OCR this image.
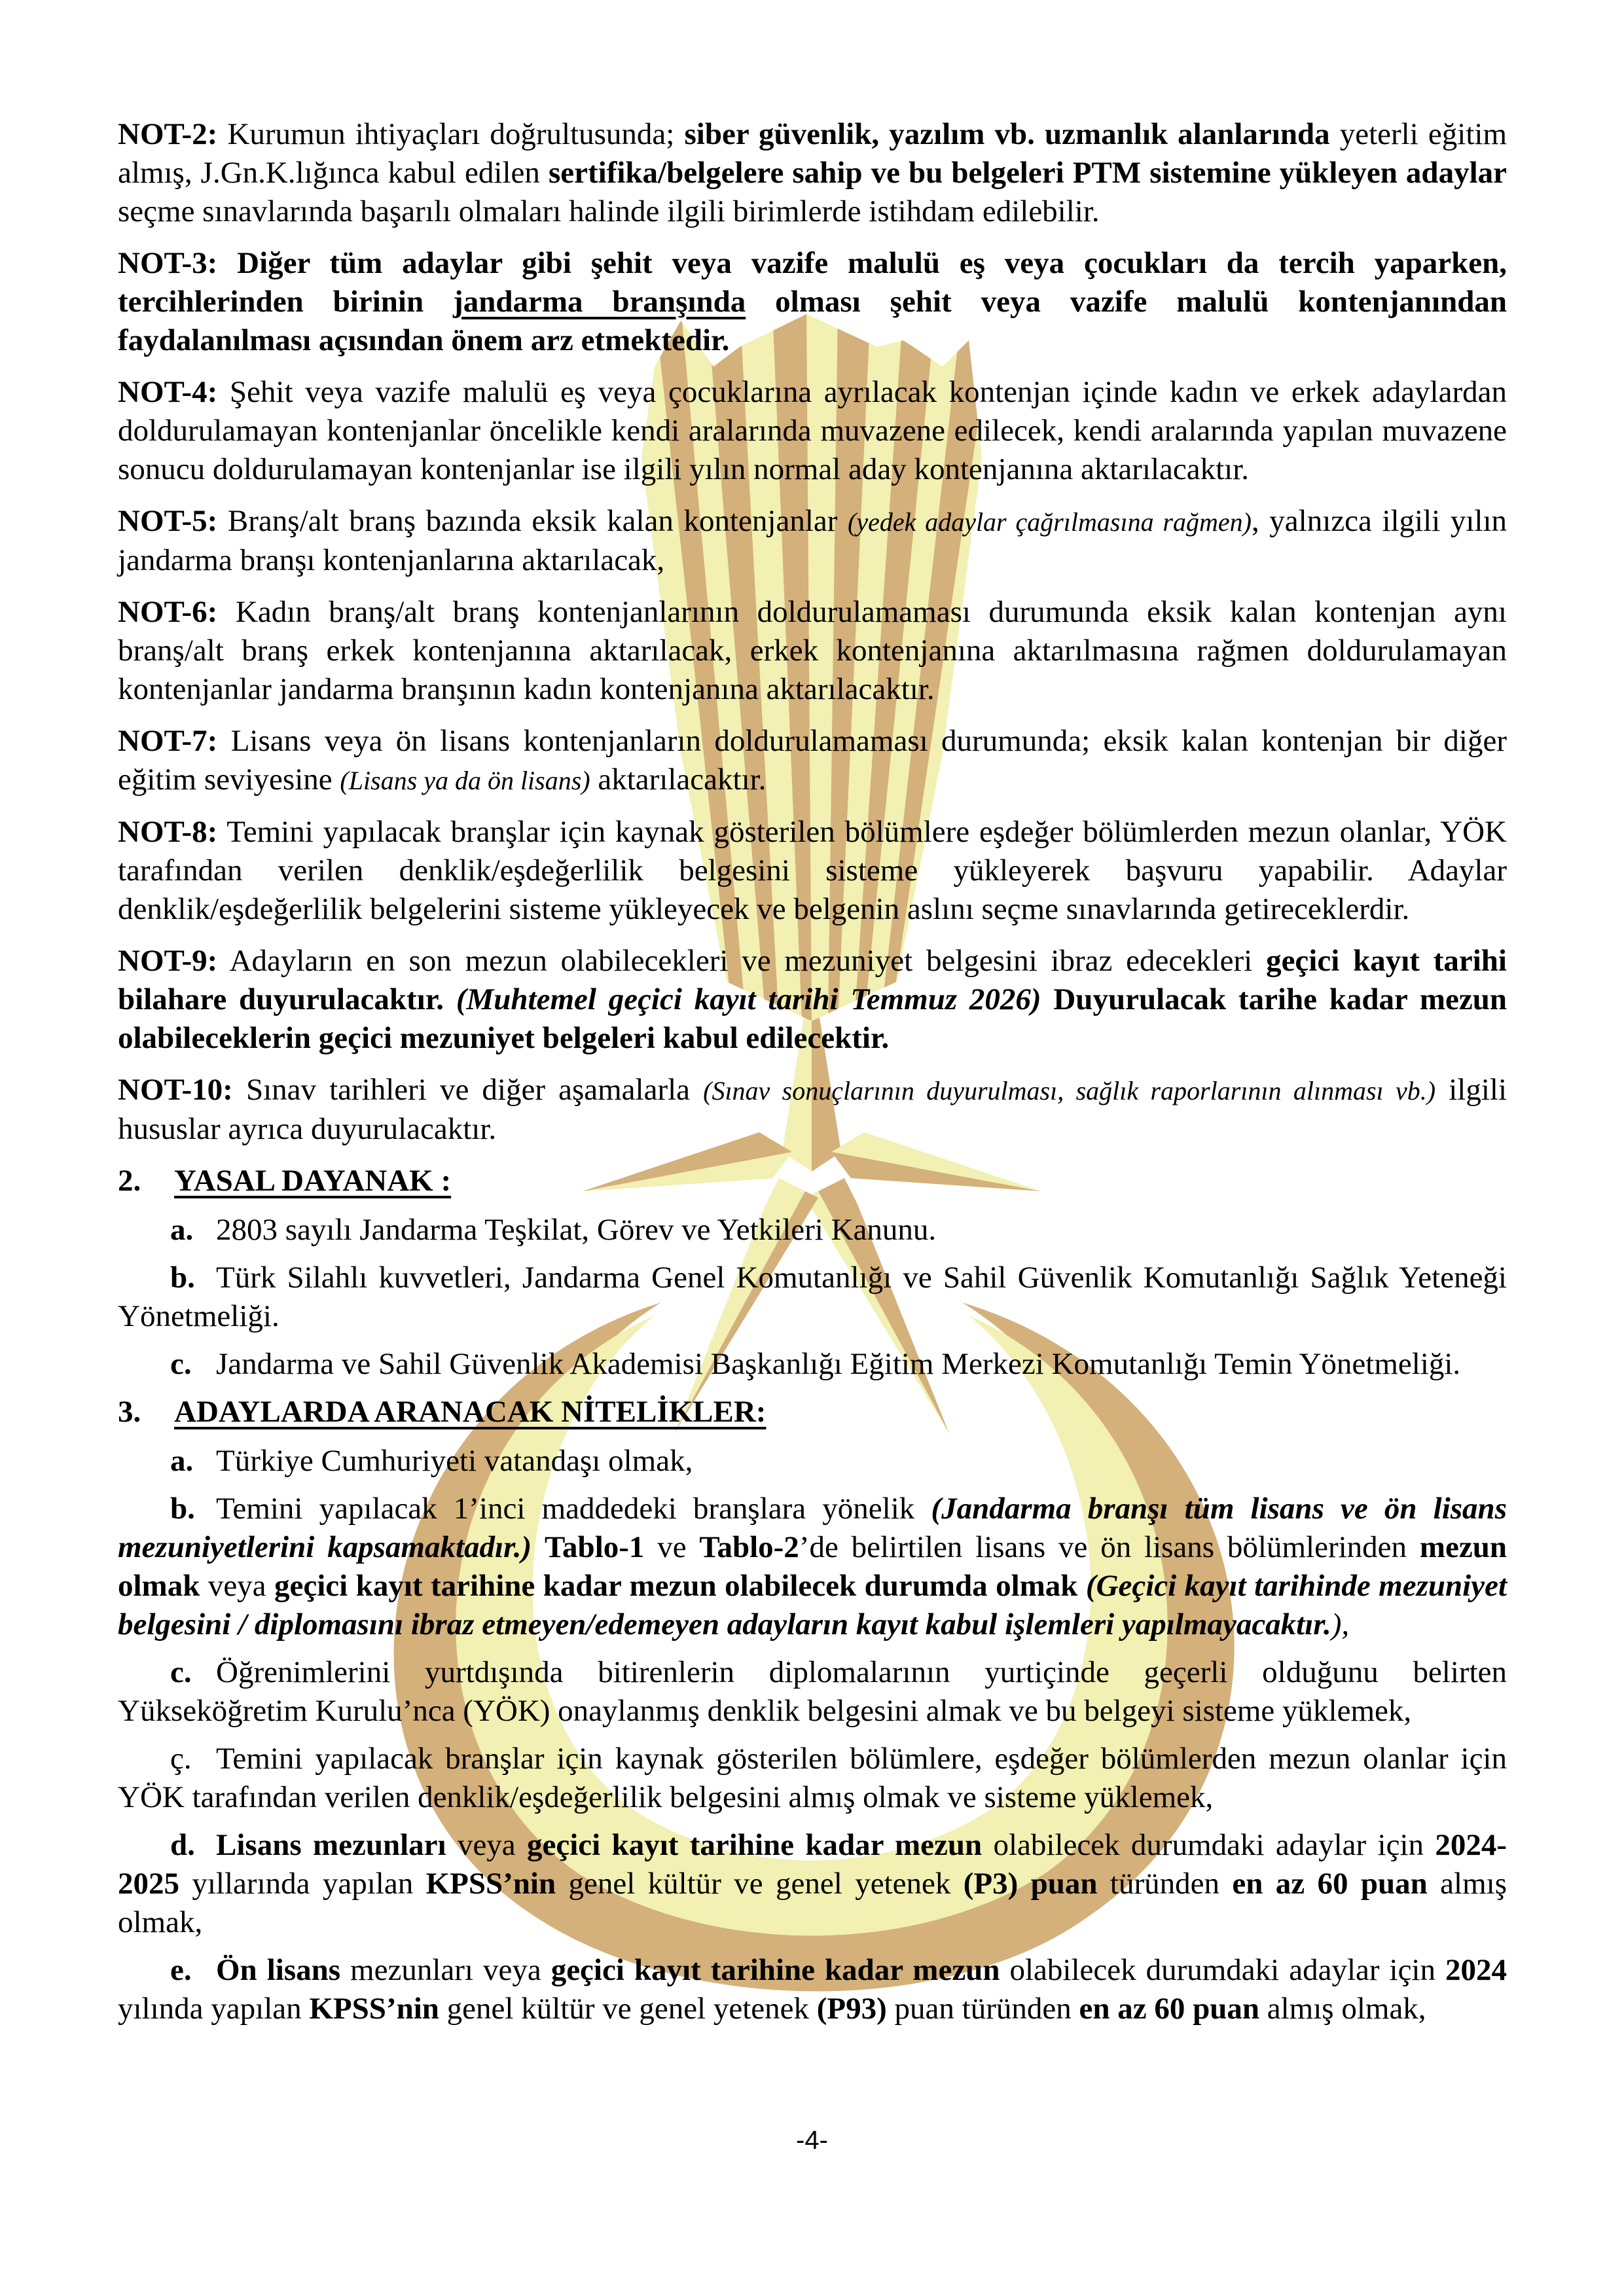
NOT-2: Kurumun ihtiyaçları doğrultusunda; siber güvenlik, yazılım vb. uzmanlık alanlarında yeterli eğitim almış, J.Gn.K.lığınca kabul edilen sertifika/belgelere sahip ve bu belgeleri PTM sistemine yükleyen adaylar seçme sınavlarında başarılı olmaları halinde ilgili birimlerde istihdam edilebilir.

NOT-3: Diğer tüm adaylar gibi şehit veya vazife malulü eş veya çocukları da tercih yaparken, tercihlerinden birinin jandarma branşında olması şehit veya vazife malulü kontenjanından faydalanılması açısından önem arz etmektedir.

NOT-4: Şehit veya vazife malulü eş veya çocuklarına ayrılacak kontenjan içinde kadın ve erkek adaylardan doldurulamayan kontenjanlar öncelikle kendi aralarında muvazene edilecek, kendi aralarında yapılan muvazene sonucu doldurulamayan kontenjanlar ise ilgili yılın normal aday kontenjanına aktarılacaktır.

NOT-5: Branş/alt branş bazında eksik kalan kontenjanlar (yedek adaylar çağrılmasına rağmen), yalnızca ilgili yılın jandarma branşı kontenjanlarına aktarılacak,

NOT-6: Kadın branş/alt branş kontenjanlarının doldurulamaması durumunda eksik kalan kontenjan aynı branş/alt branş erkek kontenjanına aktarılacak, erkek kontenjanına aktarılmasına rağmen doldurulamayan kontenjanlar jandarma branşının kadın kontenjanına aktarılacaktır.

NOT-7: Lisans veya ön lisans kontenjanların doldurulamaması durumunda; eksik kalan kontenjan bir diğer eğitim seviyesine (Lisans ya da ön lisans) aktarılacaktır.

NOT-8: Temini yapılacak branşlar için kaynak gösterilen bölümlere eşdeğer bölümlerden mezun olanlar, YÖK tarafından verilen denklik/eşdeğerlilik belgesini sisteme yükleyerek başvuru yapabilir. Adaylar denklik/eşdeğerlilik belgelerini sisteme yükleyecek ve belgenin aslını seçme sınavlarında getireceklerdir.

NOT-9: Adayların en son mezun olabilecekleri ve mezuniyet belgesini ibraz edecekleri geçici kayıt tarihi bilahare duyurulacaktır. (Muhtemel geçici kayıt tarihi Temmuz 2026) Duyurulacak tarihe kadar mezun olabileceklerin geçici mezuniyet belgeleri kabul edilecektir.

NOT-10: Sınav tarihleri ve diğer aşamalarla (Sınav sonuçlarının duyurulması, sağlık raporlarının alınması vb.) ilgili hususlar ayrıca duyurulacaktır.

2. YASAL DAYANAK :

a. 2803 sayılı Jandarma Teşkilat, Görev ve Yetkileri Kanunu.

b. Türk Silahlı kuvvetleri, Jandarma Genel Komutanlığı ve Sahil Güvenlik Komutanlığı Sağlık Yeteneği Yönetmeliği.

c. Jandarma ve Sahil Güvenlik Akademisi Başkanlığı Eğitim Merkezi Komutanlığı Temin Yönetmeliği.

3. ADAYLARDA ARANACAK NİTELİKLER:

a. Türkiye Cumhuriyeti vatandaşı olmak,

b. Temini yapılacak 1’inci maddedeki branşlara yönelik (Jandarma branşı tüm lisans ve ön lisans mezuniyetlerini kapsamaktadır.) Tablo-1 ve Tablo-2’de belirtilen lisans ve ön lisans bölümlerinden mezun olmak veya geçici kayıt tarihine kadar mezun olabilecek durumda olmak (Geçici kayıt tarihinde mezuniyet belgesini / diplomasını ibraz etmeyen/edemeyen adayların kayıt kabul işlemleri yapılmayacaktır.),

c. Öğrenimlerini yurtdışında bitirenlerin diplomalarının yurtiçinde geçerli olduğunu belirten Yükseköğretim Kurulu’nca (YÖK) onaylanmış denklik belgesini almak ve bu belgeyi sisteme yüklemek,

ç. Temini yapılacak branşlar için kaynak gösterilen bölümlere, eşdeğer bölümlerden mezun olanlar için YÖK tarafından verilen denklik/eşdeğerlilik belgesini almış olmak ve sisteme yüklemek,

d. Lisans mezunları veya geçici kayıt tarihine kadar mezun olabilecek durumdaki adaylar için 2024-2025 yıllarında yapılan KPSS’nin genel kültür ve genel yetenek (P3) puan türünden en az 60 puan almış olmak,

e. Ön lisans mezunları veya geçici kayıt tarihine kadar mezun olabilecek durumdaki adaylar için 2024 yılında yapılan KPSS’nin genel kültür ve genel yetenek (P93) puan türünden en az 60 puan almış olmak,

-4-
